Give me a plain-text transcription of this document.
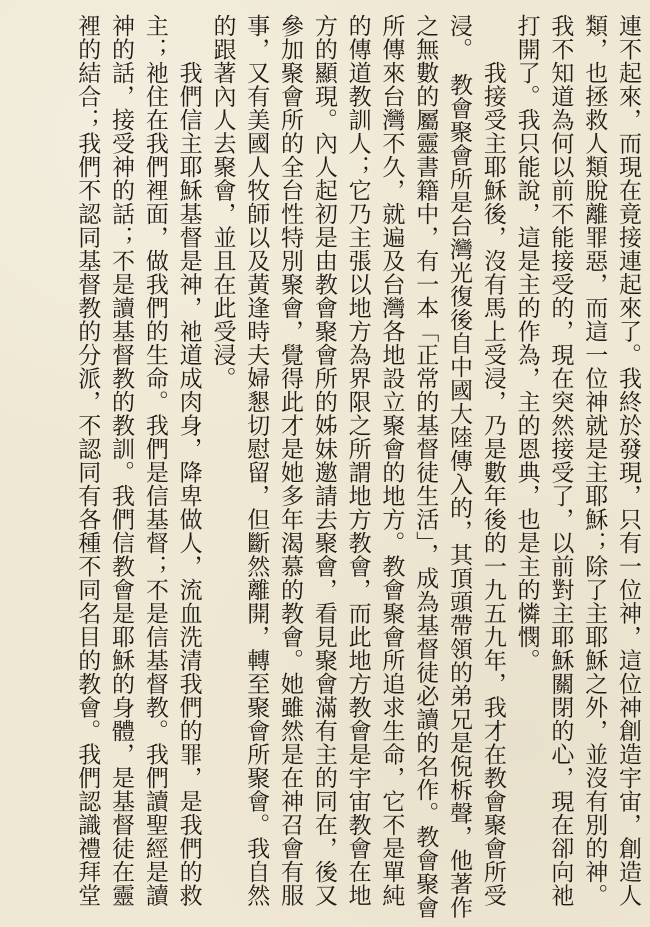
連不起來，而現在竟接連起來了。我終於發現，只有一位神，這位神創造宇宙，創造人
類，也拯救人類脫離罪惡，而這一位神就是主耶穌；除了主耶穌之外，並沒有別的神。
我不知道為何以前不能接受的，現在突然接受了，以前對主耶穌關閉的心，現在卻向祂
打開了。我只能說，這是主的作為，主的恩典，也是主的憐憫。
　　我接受主耶穌後，沒有馬上受浸，乃是數年後的一九五九年，我才在教會聚會所受
浸。　教會聚會所是台灣光復後自中國大陸傳入的，其頂頭帶領的弟兄是倪柝聲，他著作
之無數的屬靈書籍中，有一本「正常的基督徒生活」，成為基督徒必讀的名作。教會聚會
所傳來台灣不久，就遍及台灣各地設立聚會的地方。教會聚會所追求生命，它不是單純
的傳道教訓人；它乃主張以地方為界限之所謂地方教會，而此地方教會是宇宙教會在地
方的顯現。內人起初是由教會聚會所的姊妹邀請去聚會，看見聚會滿有主的同在，後又
參加聚會所的全台性特別聚會，覺得此才是她多年渴慕的教會。她雖然是在神召會有服
事，又有美國人牧師以及黃逢時夫婦懇切慰留，但斷然離開，轉至聚會所聚會。我自然
的跟著內人去聚會，並且在此受浸。
　　我們信主耶穌基督是神，祂道成肉身，降卑做人，流血洗清我們的罪，是我們的救
主；祂住在我們裡面，做我們的生命。我們是信基督；不是信基督教。我們讀聖經是讀
神的話，接受神的話；不是讀基督教的教訓。我們信教會是耶穌的身體，是基督徒在靈
裡的結合；我們不認同基督教的分派，不認同有各種不同名目的教會。我們認識禮拜堂
